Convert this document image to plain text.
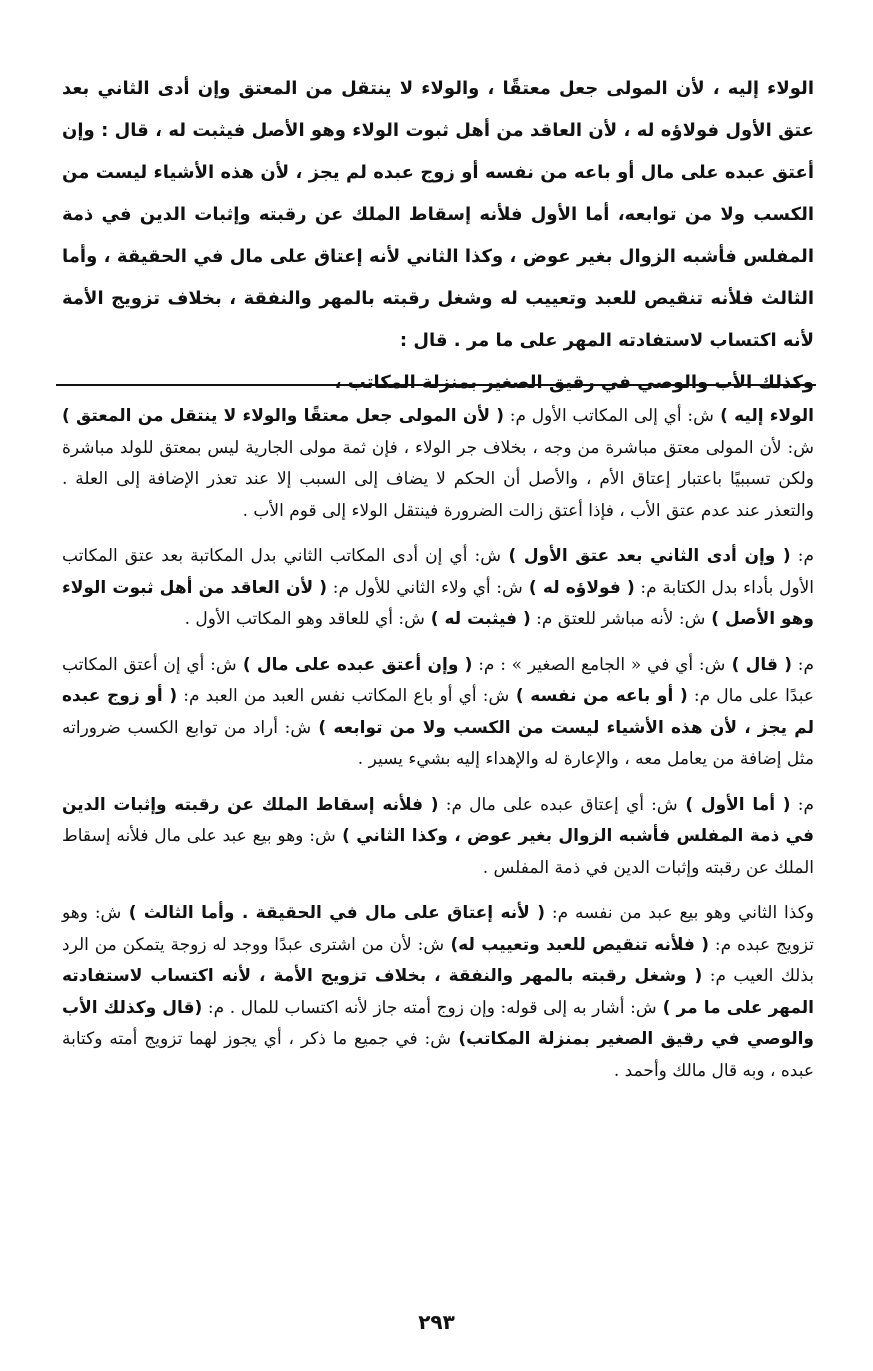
الولاء إليه ، لأن المولى جعل معتقًا ، والولاء لا ينتقل من المعتق وإن أدى الثاني بعد عتق الأول فولاؤه له ، لأن العاقد من أهل ثبوت الولاء وهو الأصل فيثبت له ، قال : وإن أعتق عبده على مال أو باعه من نفسه أو زوج عبده لم يجز ، لأن هذه الأشياء ليست من الكسب ولا من توابعه، أما الأول فلأنه إسقاط الملك عن رقبته وإثبات الدين في ذمة المفلس فأشبه الزوال بغير عوض ، وكذا الثاني لأنه إعتاق على مال في الحقيقة ، وأما الثالث فلأنه تنقيص للعبد وتعييب له وشغل رقبته بالمهر والنفقة ، بخلاف تزويج الأمة لأنه اكتساب لاستفادته المهر على ما مر . قال :
وكذلك الأب والوصي في رقيق الصغير بمنزلة المكاتب ،

الولاء إليه ) ش: أي إلى المكاتب الأول م: ( لأن المولى جعل معتقًا والولاء لا ينتقل من المعتق ) ش: لأن المولى معتق مباشرة من وجه ، بخلاف جر الولاء ، فإن ثمة مولى الجارية ليس بمعتق للولد مباشرة ولكن تسببيًا باعتبار إعتاق الأم ، والأصل أن الحكم لا يضاف إلى السبب إلا عند تعذر الإضافة إلى العلة . والتعذر عند عدم عتق الأب ، فإذا أعتق زالت الضرورة فينتقل الولاء إلى قوم الأب .

م: ( وإن أدى الثاني بعد عتق الأول ) ش: أي إن أدى المكاتب الثاني بدل المكاتبة بعد عتق المكاتب الأول بأداء بدل الكتابة م: ( فولاؤه له ) ش: أي ولاء الثاني للأول م: ( لأن العاقد من أهل ثبوت الولاء وهو الأصل ) ش: لأنه مباشر للعتق م: ( فيثبت له ) ش: أي للعاقد وهو المكاتب الأول .

م: ( قال ) ش: أي في « الجامع الصغير » : م: ( وإن أعتق عبده على مال ) ش: أي إن أعتق المكاتب عبدًا على مال م: ( أو باعه من نفسه ) ش: أي أو باع المكاتب نفس العبد من العبد م: ( أو زوج عبده لم يجز ، لأن هذه الأشياء ليست من الكسب ولا من توابعه ) ش: أراد من توابع الكسب ضروراته مثل إضافة من يعامل معه ، والإعارة له والإهداء إليه بشيء يسير .

م: ( أما الأول ) ش: أي إعتاق عبده على مال م: ( فلأنه إسقاط الملك عن رقبته وإثبات الدين في ذمة المفلس فأشبه الزوال بغير عوض ، وكذا الثاني ) ش: وهو بيع عبد على مال فلأنه إسقاط الملك عن رقبته وإثبات الدين في ذمة المفلس .

وكذا الثاني وهو بيع عبد من نفسه م: ( لأنه إعتاق على مال في الحقيقة . وأما الثالث ) ش: وهو تزويج عبده م: ( فلأنه تنقيص للعبد وتعييب له) ش: لأن من اشترى عبدًا ووجد له زوجة يتمكن من الرد بذلك العيب م: ( وشغل رقبته بالمهر والنفقة ، بخلاف تزويج الأمة ، لأنه اكتساب لاستفادته المهر على ما مر ) ش: أشار به إلى قوله: وإن زوج أمته جاز لأنه اكتساب للمال . م: (قال وكذلك الأب والوصي في رقيق الصغير بمنزلة المكاتب) ش: في جميع ما ذكر ، أي يجوز لهما تزويج أمته وكتابة عبده ، وبه قال مالك وأحمد .

٢٩٣
